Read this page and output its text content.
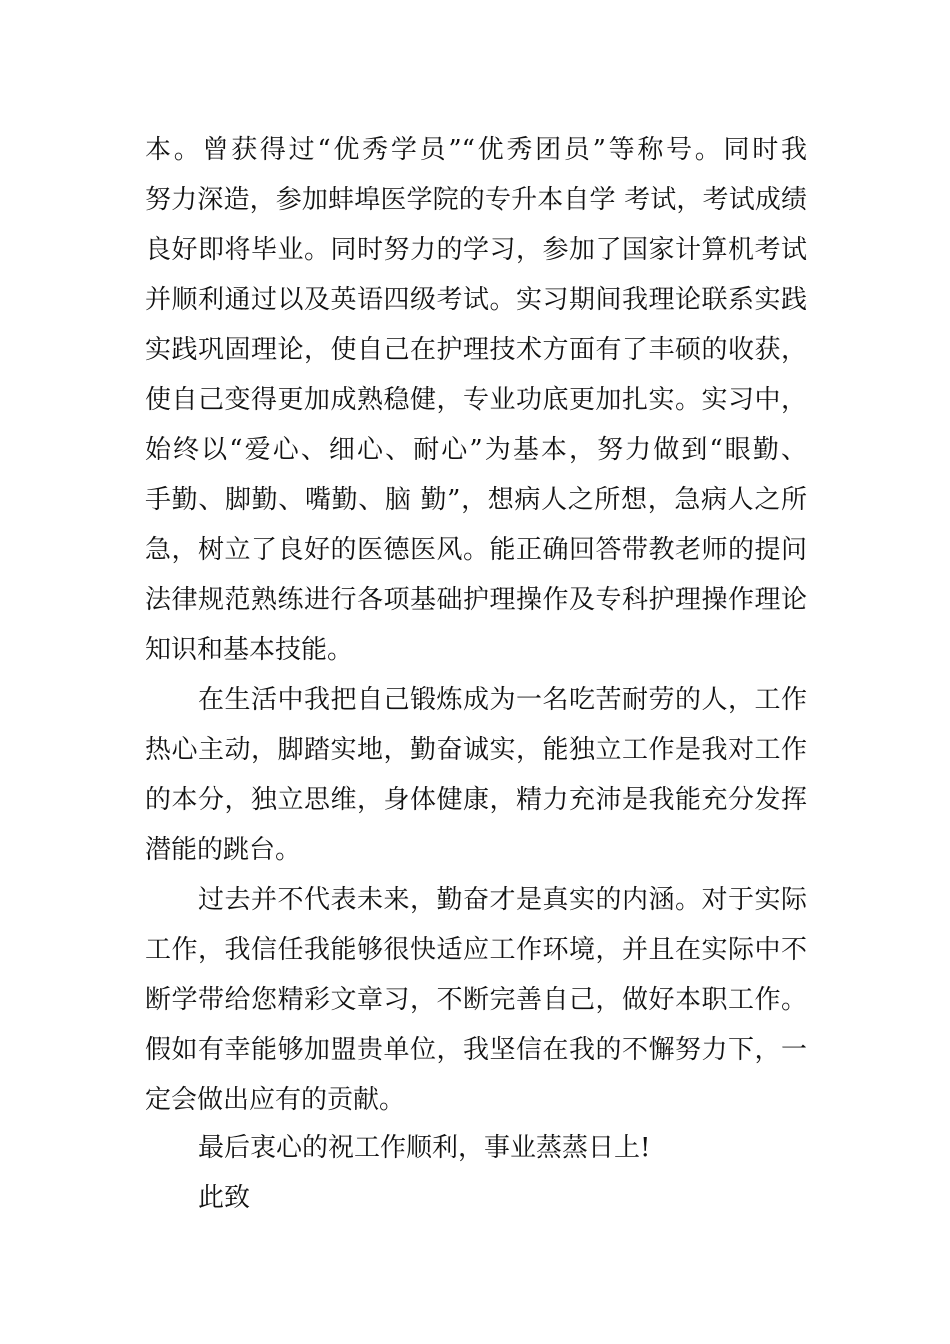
本。曾获得过“优秀学员”“优秀团员”等称号。同时我
努力深造，参加蚌埠医学院的专升本自学 考试，考试成绩
良好即将毕业。同时努力的学习，参加了国家计算机考试
并顺利通过以及英语四级考试。实习期间我理论联系实践
实践巩固理论，使自己在护理技术方面有了丰硕的收获，
使自己变得更加成熟稳健，专业功底更加扎实。实习中，
始终以“爱心、细心、耐心”为基本，努力做到“眼勤、
手勤、脚勤、嘴勤、脑 勤”，想病人之所想，急病人之所
急，树立了良好的医德医风。能正确回答带教老师的提问
法律规范熟练进行各项基础护理操作及专科护理操作理论
知识和基本技能。
在生活中我把自己锻炼成为一名吃苦耐劳的人，工作
热心主动，脚踏实地，勤奋诚实，能独立工作是我对工作
的本分，独立思维，身体健康，精力充沛是我能充分发挥
潜能的跳台。
过去并不代表未来，勤奋才是真实的内涵。对于实际
工作，我信任我能够很快适应工作环境，并且在实际中不
断学带给您精彩文章习，不断完善自己，做好本职工作。
假如有幸能够加盟贵单位，我坚信在我的不懈努力下，一
定会做出应有的贡献。
最后衷心的祝工作顺利，事业蒸蒸日上!
此致
